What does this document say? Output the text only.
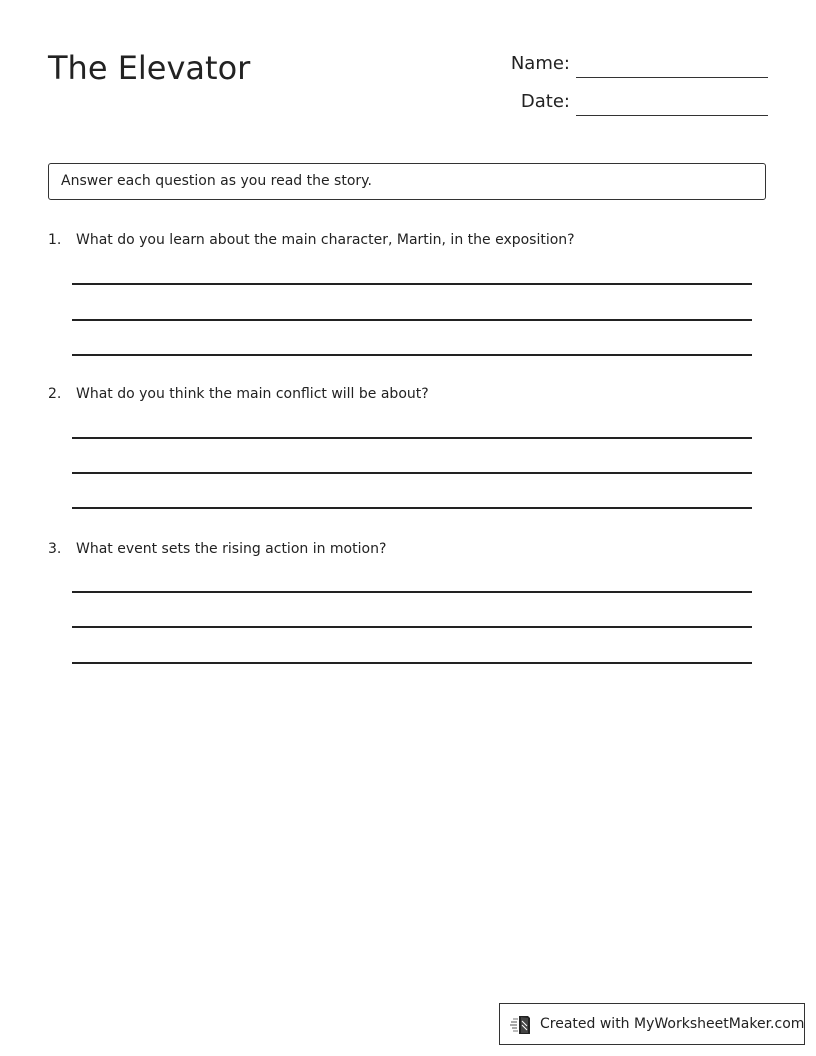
The Elevator	Name:
Date:
Answer each question as you read the story.
1. What do you learn about the main character, Martin, in the exposition?
2. What do you think the main conflict will be about?
3. What event sets the rising action in motion?
Created with MyWorksheetMaker.com
